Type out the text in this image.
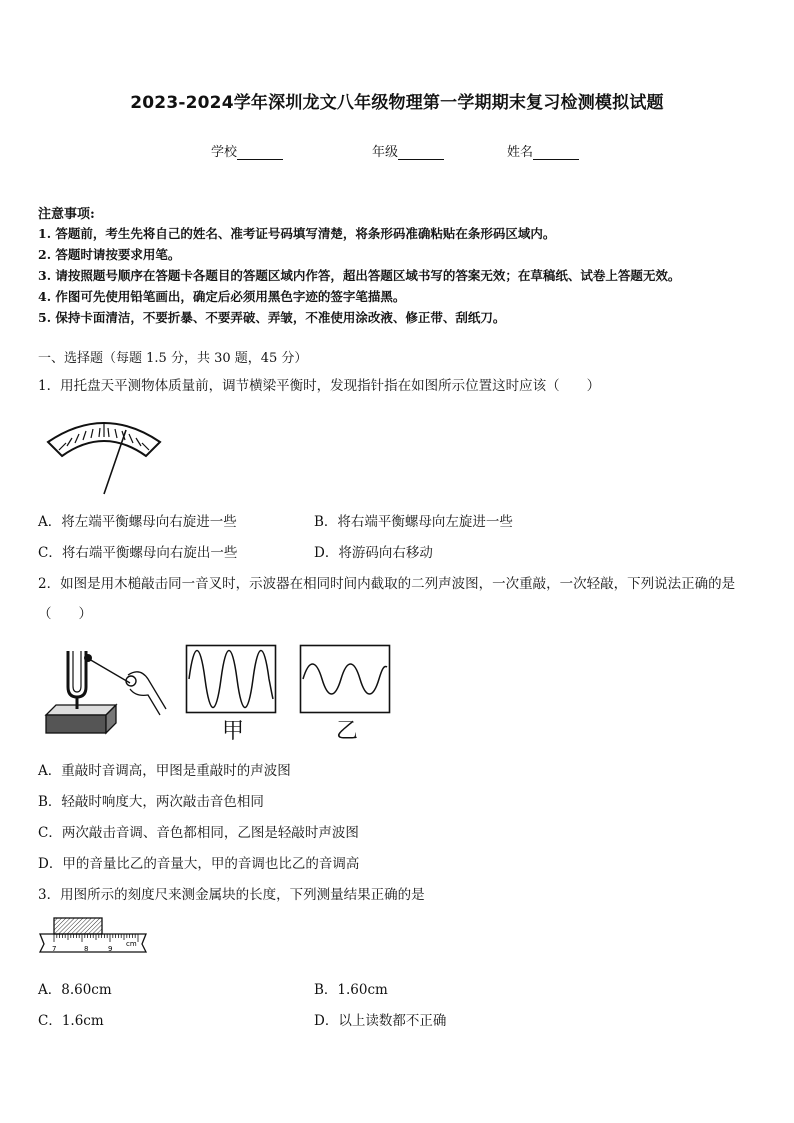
2023-2024学年深圳龙文八年级物理第一学期期末复习检测模拟试题
学校	年级	姓名
注意事项:
1. 答题前，考生先将自己的姓名、准考证号码填写清楚，将条形码准确粘贴在条形码区域内。
2. 答题时请按要求用笔。
3. 请按照题号顺序在答题卡各题目的答题区域内作答，超出答题区域书写的答案无效；在草稿纸、试卷上答题无效。
4. 作图可先使用铅笔画出，确定后必须用黑色字迹的签字笔描黑。
5. 保持卡面清洁，不要折暴、不要弄破、弄皱，不准使用涂改液、修正带、刮纸刀。
一、选择题（每题 1.5 分，共 30 题，45 分）
1．用托盘天平测物体质量前，调节横梁平衡时，发现指针指在如图所示位置这时应该（　　）
A．将左端平衡螺母向右旋进一些	B．将右端平衡螺母向左旋进一些
C．将右端平衡螺母向右旋出一些	D．将游码向右移动
2．如图是用木槌敲击同一音叉时，示波器在相同时间内截取的二列声波图，一次重敲，一次轻敲，下列说法正确的是
（　　）
甲	乙
A．重敲时音调高，甲图是重敲时的声波图
B．轻敲时响度大，两次敲击音色相同
C．两次敲击音调、音色都相同，乙图是轻敲时声波图
D．甲的音量比乙的音量大，甲的音调也比乙的音调高
3．用图所示的刻度尺来测金属块的长度，下列测量结果正确的是
7	8	9
cm
A．8.60cm	B．1.60cm
C．1.6cm	D．以上读数都不正确
